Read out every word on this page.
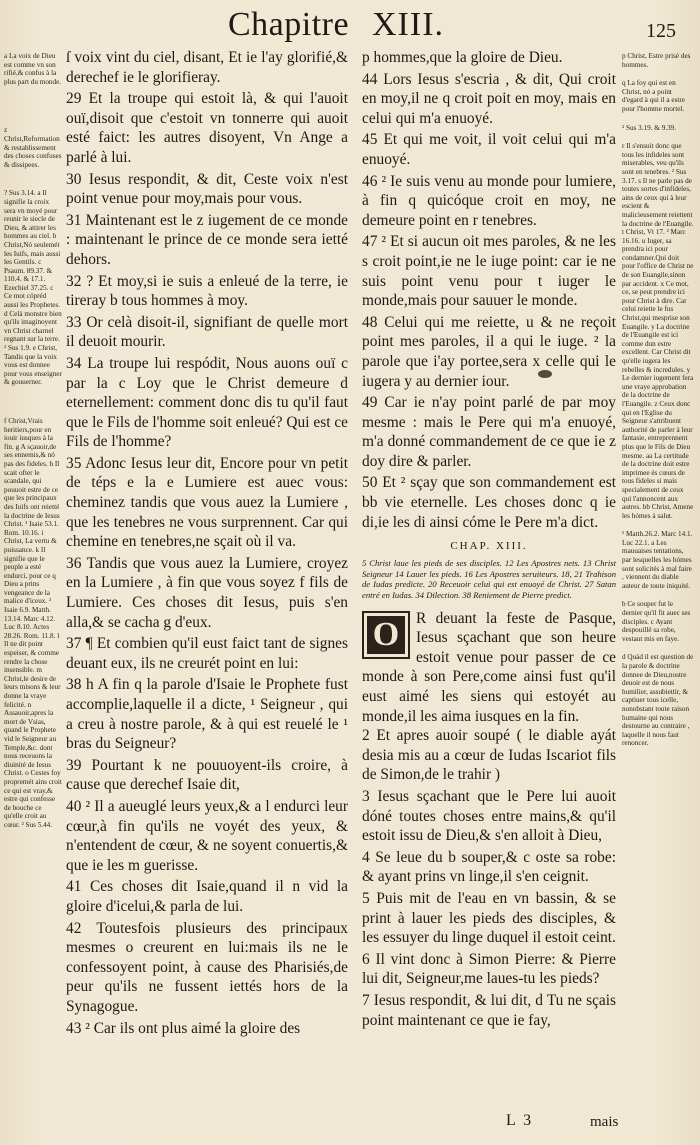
Chapitre XIII.	125

a La voix de Dieu est comme vn son rifié,& confus à la plus part du monde.

z Christ,Reformation & restablissement des choses confuses & dissipees.

? Sus 3.14. a Il signifie la croix sera vn moyé pour reunir le siecle de Dieu, & attirer les hommes au ciel. b Christ,Nó seulemét les Iuifs, mais aussi les Gentils. c Psaum. 89.37. & 110.4. & 17.1. Ezechiel 37.25. c Ce mot cópréd aussi les Prophetes. d Celà monstre bien qu'ils imaginoyent vn Christ charnel regnant sur la terre. ² Sus 1.9. e Christ, Tandis que la voix vous est donnee pour vous enseigner & gouuerner.

f Christ,Vrais heritiers,pour en iouir iusques à la fin. g A sçauoir,de ses ennemis,& nó pas des fideles. h Il scait ofter le scandale, qui pouuoit estre de ce que les principaux des Iuifs ont reietté la doctrine de Iesus Christ. ¹ Isaie 53.1. Rom. 10.16. i Christ, La vertu & puissance. k Il signifie que le peuple a esté endurci, pour ce q Dieu a prins vengeance de la malice d'iceux. ² Isaie 6.9. Matth. 13.14. Marc 4.12. Luc 8.10. Actes 28.26. Rom. 11.8. l Il ne dit point espeiser, & comme rendre la chose insensible. m Christ,le desire de leurs misons & leur donne la vraye felicité. n Assauoir,apres la mort de Vsias, quand le Prophete vid le Seigneur au Temple,&c. dont nous receuons la diuinité de Iesus Christ. o Cestes foy propremét ains croit ce qui est vray,& estre qui confesse de bouche ce qu'elle croit au cœur. ² Sus 5.44.

ſ voix vint du ciel, disant, Et ie l'ay glorifié,& derechef ie le glorifieray.

29 Et la troupe qui estoit là, & qui l'auoit ouï,disoit que c'estoit vn tonnerre qui auoit esté faict: les autres disoyent, Vn Ange a parlé à lui.

30 Iesus respondit, & dit, Ceste voix n'est point venue pour moy,mais pour vous.

31 Maintenant est le z iugement de ce monde : maintenant le prince de ce monde sera ietté dehors.

32 ? Et moy,si ie suis a enleué de la terre, ie tireray b tous hommes à moy.

33 Or celà disoit-il, signifiant de quelle mort il deuoit mourir.

34 La troupe lui respódit, Nous auons ouï c par la c Loy que le Christ demeure d eternellement: comment donc dis tu qu'il faut que le Fils de l'homme soit enleué? Qui est ce Fils de l'homme?

35 Adonc Iesus leur dit, Encore pour vn petit de téps e la e Lumiere est auec vous: cheminez tandis que vous auez la Lumiere , que les tenebres ne vous surprennent. Car qui chemine en tenebres,ne sçait où il va.

36 Tandis que vous auez la Lumiere, croyez en la Lumiere , à fin que vous soyez f fils de Lumiere. Ces choses dit Iesus, puis s'en alla,& se cacha g d'eux.

37 ¶ Et combien qu'il eust faict tant de signes deuant eux, ils ne creurét point en lui:

38 h A fin q la parole d'Isaie le Prophete fust accomplie,laquelle il a dicte, ¹ Seigneur , qui a creu à nostre parole, & à qui est reuelé le ¹ bras du Seigneur?

39 Pourtant k ne pouuoyent-ils croire, à cause que derechef Isaie dit,

40 ² Il a aueuglé leurs yeux,& a l endurci leur cœur,à fin qu'ils ne voyét des yeux, & n'entendent de cœur, & ne soyent conuertis,& que ie les m guerisse.

41 Ces choses dit Isaie,quand il n vid la gloire d'icelui,& parla de lui.

42 Toutesfois plusieurs des principaux mesmes o creurent en lui:mais ils ne le confessoyent point, à cause des Pharisiés,de peur qu'ils ne fussent iettés hors de la Synagogue.

43 ² Car ils ont plus aimé la gloire des

p hommes,que la gloire de Dieu.

44 Lors Iesus s'escria , & dit, Qui croit en moy,il ne q croit poit en moy, mais en celui qui m'a enuoyé.

45 Et qui me voit, il voit celui qui m'a enuoyé.

46 ² Ie suis venu au monde pour lumiere, à fin q quicóque croit en moy, ne demeure point en r tenebres.

47 ² Et si aucun oit mes paroles, & ne les s croit point,ie ne le iuge point: car ie ne suis point venu pour t iuger le monde,mais pour sauuer le monde.

48 Celui qui me reiette, u & ne reçoit point mes paroles, il a qui le iuge. ² la parole que i'ay portee,sera x celle qui le iugera y au dernier iour.

49 Car ie n'ay point parlé de par moy mesme : mais le Pere qui m'a enuoyé, m'a donné commandement de ce que ie z doy dire & parler.

50 Et ² sçay que son commandement est bb vie eternelle. Les choses donc q ie di,ie les di ainsi cóme le Pere m'a dict.

CHAP. XIII.

5 Christ laue les pieds de ses disciples. 12 Les Apostres nets. 13 Christ Seigneur 14 Lauer les pieds. 16 Les Apostres seruiteurs. 18, 21 Trahison de Iudas predicte. 20 Receuoir celui qui est enuoyé de Christ. 27 Satan entré en Iudas. 34 Dilection. 38 Reniement de Pierre predict.

O	R deuant la feste de Pasque, Iesus sçachant que son heure estoit venue pour passer de ce monde à son Pere,come ainsi fust qu'il eust aimé les siens qui estoyét au monde,il les aima iusques en la fin.

2 Et apres auoir soupé ( le diable ayát desia mis au a cœur de Iudas Iscariot fils de Simon,de le trahir )

3 Iesus sçachant que le Pere lui auoit dóné toutes choses entre mains,& qu'il estoit issu de Dieu,& s'en alloit à Dieu,

4 Se leue du b souper,& c oste sa robe: & ayant prins vn linge,il s'en ceignit.

5 Puis mit de l'eau en vn bassin, & se print à lauer les pieds des disciples, & les essuyer du linge duquel il estoit ceint.

6 Il vint donc à Simon Pierre: & Pierre lui dit, Seigneur,me laues-tu les pieds?

7 Iesus respondit, & lui dit, d Tu ne sçais point maintenant ce que ie fay,

p Christ, Estre prisé des hommes.

q La foy qui est en Christ, nó a point d'egard à qui il a estre pour l'homme mortel.

² Sus 3.19. & 9.39.

r Il s'ensuit donc que tous les infideles sont miserables, veu qu'ils sont en tenebres. ² Sus 3.17. s Il ne parle pas de toutes sortes d'infideles, ains de ceux qui à leur escient & malicieusement reiettent la doctrine de l'Euangile. t Christ, Vt 17. ² Marc 16.16. u Iuger, sa prendra ici pour condamner.Qui doit pour l'office de Christ ne de son Euangile,sinon par accident. x Ce mot, ce, se peut prendre ici pour Christ à dire. Car celui reiette le fus Christ,qui mesprise son Euangile. y La doctrine de l'Euangile est ici comme dun estre excellent. Car Christ dit qu'elle iugera les rebelles & incredules. y Le dernier iugement fera une vraye approbation de la doctrine de l'Euangile. z Ceux donc qui en l'Eglise du Seigneur s'attribuent authorité de parler à leur fantasie, entreprennent plus que le Fils de Dieu mesme. aa La certitude de la doctrine doit estre imprimee és cœurs de tous fideles si mais specialement de ceux qui l'annoncent aux autres. bb Christ, Amene les hómes à salut.

¹ Matth.26.2. Marc 14.1. Luc 22.1. a Les mauuaises tentations, par lesquelles les hómes sont solicités à mal faire , viennent du diable auteur de toute iniquité.

b Ce souper fut le dernier qu'il fit auec ses disciples. c Ayant despouillé sa robe, vestaut mis en faye.

d Quád il est question de la parole & doctrine donnee de Dieu,nostre deuoir est de nous humilier, assubiettir, & captiuer tous icelle, nonobstant toute raison humaine qui nous destourne au contraire , laquelle il nous faut renoncer.

L 3	mais
